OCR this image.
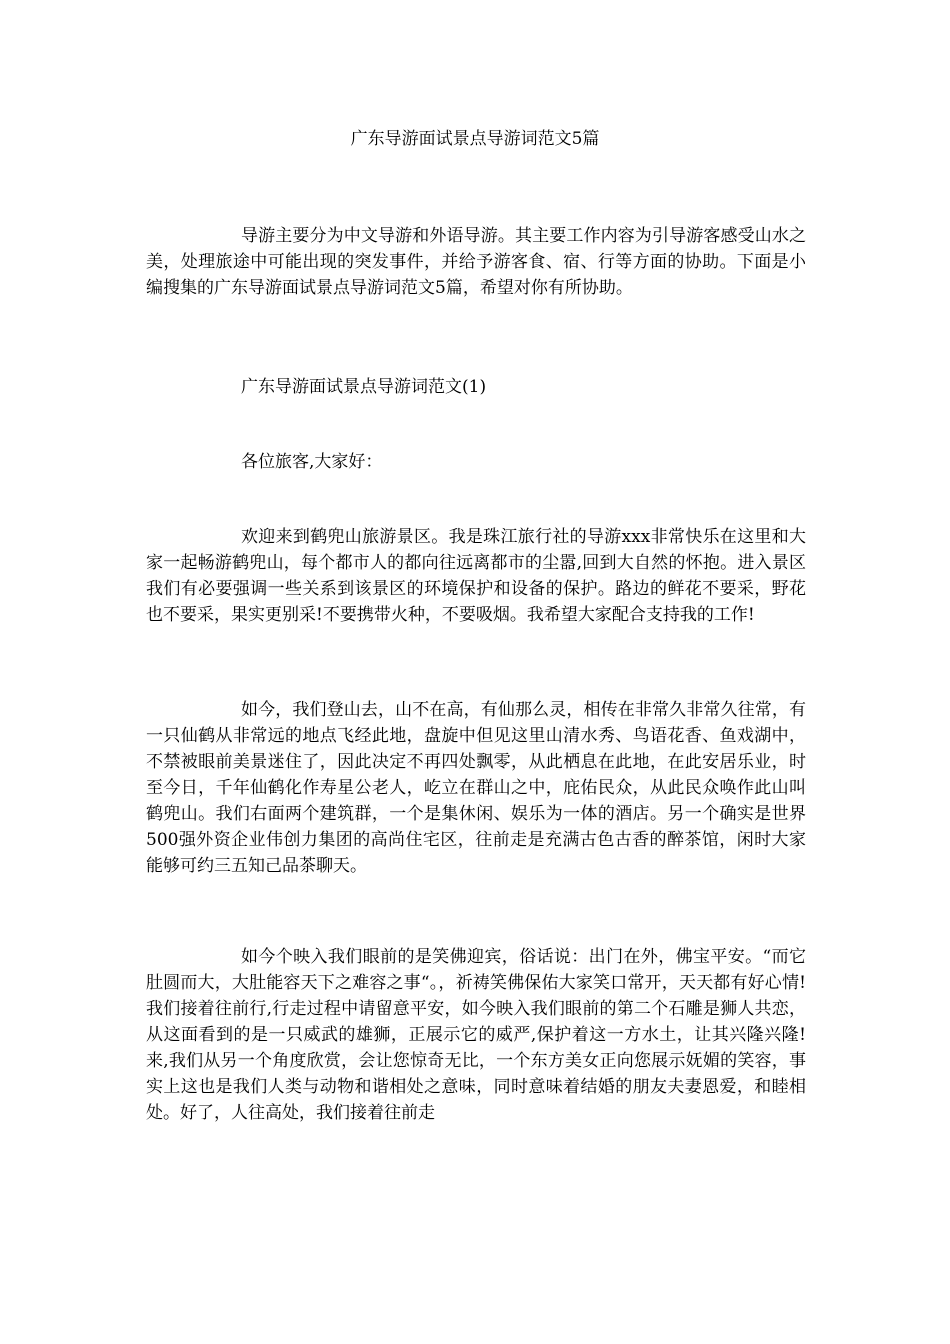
广东导游面试景点导游词范文5篇

导游主要分为中文导游和外语导游。其主要工作内容为引导游客感受山水之美，处理旅途中可能出现的突发事件，并给予游客食、宿、行等方面的协助。下面是小编搜集的广东导游面试景点导游词范文5篇，希望对你有所协助。

广东导游面试景点导游词范文(1)

各位旅客,大家好：

欢迎来到鹤兜山旅游景区。我是珠江旅行社的导游xxx非常快乐在这里和大家一起畅游鹤兜山，每个都市人的都向往远离都市的尘嚣,回到大自然的怀抱。进入景区我们有必要强调一些关系到该景区的环境保护和设备的保护。路边的鲜花不要采，野花也不要采，果实更别采!不要携带火种，不要吸烟。我希望大家配合支持我的工作!

如今，我们登山去，山不在高，有仙那么灵，相传在非常久非常久往常，有一只仙鹤从非常远的地点飞经此地，盘旋中但见这里山清水秀、鸟语花香、鱼戏湖中，不禁被眼前美景迷住了，因此决定不再四处飘零，从此栖息在此地，在此安居乐业，时至今日，千年仙鹤化作寿星公老人，屹立在群山之中，庇佑民众，从此民众唤作此山叫鹤兜山。我们右面两个建筑群，一个是集休闲、娱乐为一体的酒店。另一个确实是世界500强外资企业伟创力集团的高尚住宅区，往前走是充满古色古香的醉茶馆，闲时大家能够可约三五知己品茶聊天。

如今个映入我们眼前的是笑佛迎宾，俗话说：出门在外，佛宝平安。“而它肚圆而大，大肚能容天下之难容之事“。，祈祷笑佛保佑大家笑口常开，天天都有好心情!我们接着往前行,行走过程中请留意平安，如今映入我们眼前的第二个石雕是狮人共恋，从这面看到的是一只威武的雄狮，正展示它的威严,保护着这一方水土，让其兴隆兴隆!来,我们从另一个角度欣赏，会让您惊奇无比，一个东方美女正向您展示妩媚的笑容，事实上这也是我们人类与动物和谐相处之意味，同时意味着结婚的朋友夫妻恩爱，和睦相处。好了，人往高处，我们接着往前走
